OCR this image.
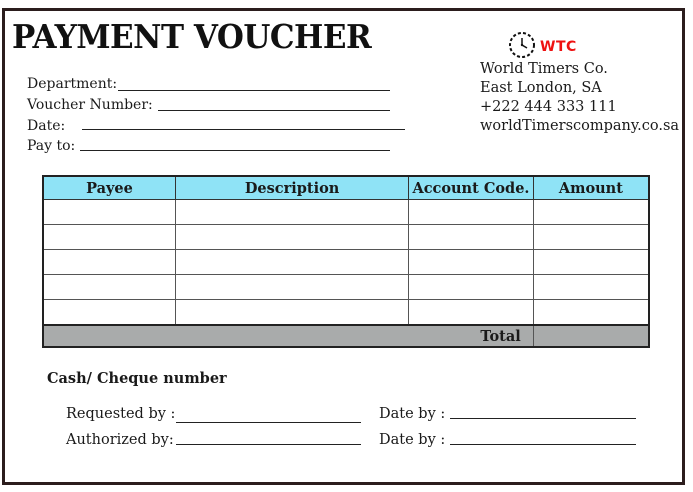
PAYMENT VOUCHER
Department:
Voucher Number:
Date:
Pay to:
WTC
World Timers Co.
East London, SA
+222 444 333 111
worldTimerscompany.co.sa
Payee	Description	Account Code.	Amount

Total			
Cash/ Cheque number
Requested by :	Date by :
Authorized by:	Date by :
